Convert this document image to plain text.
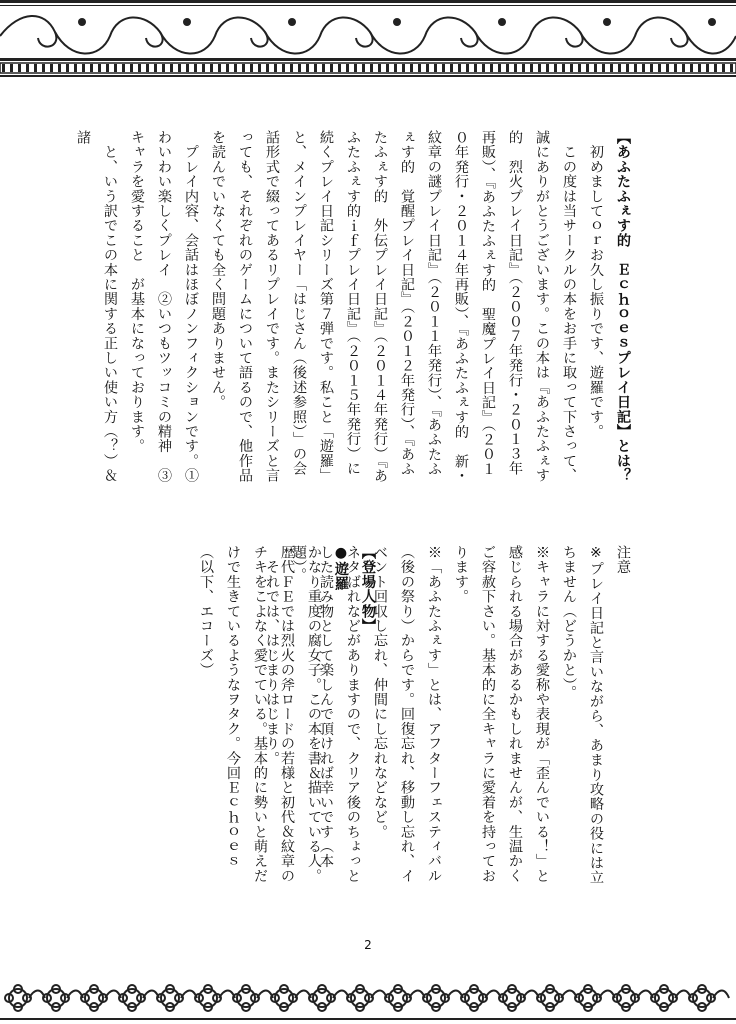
【あふたふぇす的　Ｅｃｈｏｅｓプレイ日記】とは？
　初めましてｏｒお久し振りです、遊羅です。
　この度は当サークルの本をお手に取って下さって、誠にありがとうございます。この本は『あふたふぇす的　烈火プレイ日記』（２００７年発行・２０１３年再販）、『あふたふぇす的　聖魔プレイ日記』（２０１０年発行・２０１４年再販）、『あふたふぇす的　新・紋章の謎プレイ日記』（２０１１年発行）、『あふたふぇす的　覚醒プレイ日記』（２０１２年発行）、『あふたふぇす的　外伝プレイ日記』（２０１４年発行）『あふたふぇす的ｉｆプレイ日記』（２０１５年発行）に続くプレイ日記シリーズ第７弾です。私こと「遊羅」と、メインプレイヤー「はじさん（後述参照）」の会話形式で綴ってあるリプレイです。またシリーズと言っても、それぞれのゲームについて語るので、他作品を読んでいなくても全く問題ありません。
　プレイ内容、会話はほぼノンフィクションです。①わいわい楽しくプレイ　②いつもツッコミの精神　③キャラを愛すること　が基本になっております。
　と、いう訳でこの本に関する正しい使い方（？）＆諸
注意
※プレイ日記と言いながら、あまり攻略の役には立ちません（どうかと）。
※キャラに対する愛称や表現が「歪んでいる！」と感じられる場合があるかもしれませんが、生温かくご容赦下さい。基本的に全キャラに愛着を持っております。
※「あふたふぇす」とは、アフターフェスティバル（後の祭り）からです。回復忘れ、移動し忘れ、イベント回収し忘れ、仲間にし忘れなどなど。
ネタばれなどがありますので、クリア後のちょっとした読み物として楽しんで頂ければ幸いです（本題）。
　それでは、はじまりはじまり。	【登場人物】
●遊羅
かなり重度の腐女子。この本を書＆描いている人。歴代ＦＥでは烈火の斧ロードの若様と初代＆紋章のチキをこよなく愛でている。基本的に勢いと萌えだけで生きているようなヲタク。今回Ｅｃｈｏｅｓ（以下、エコーズ）
2
